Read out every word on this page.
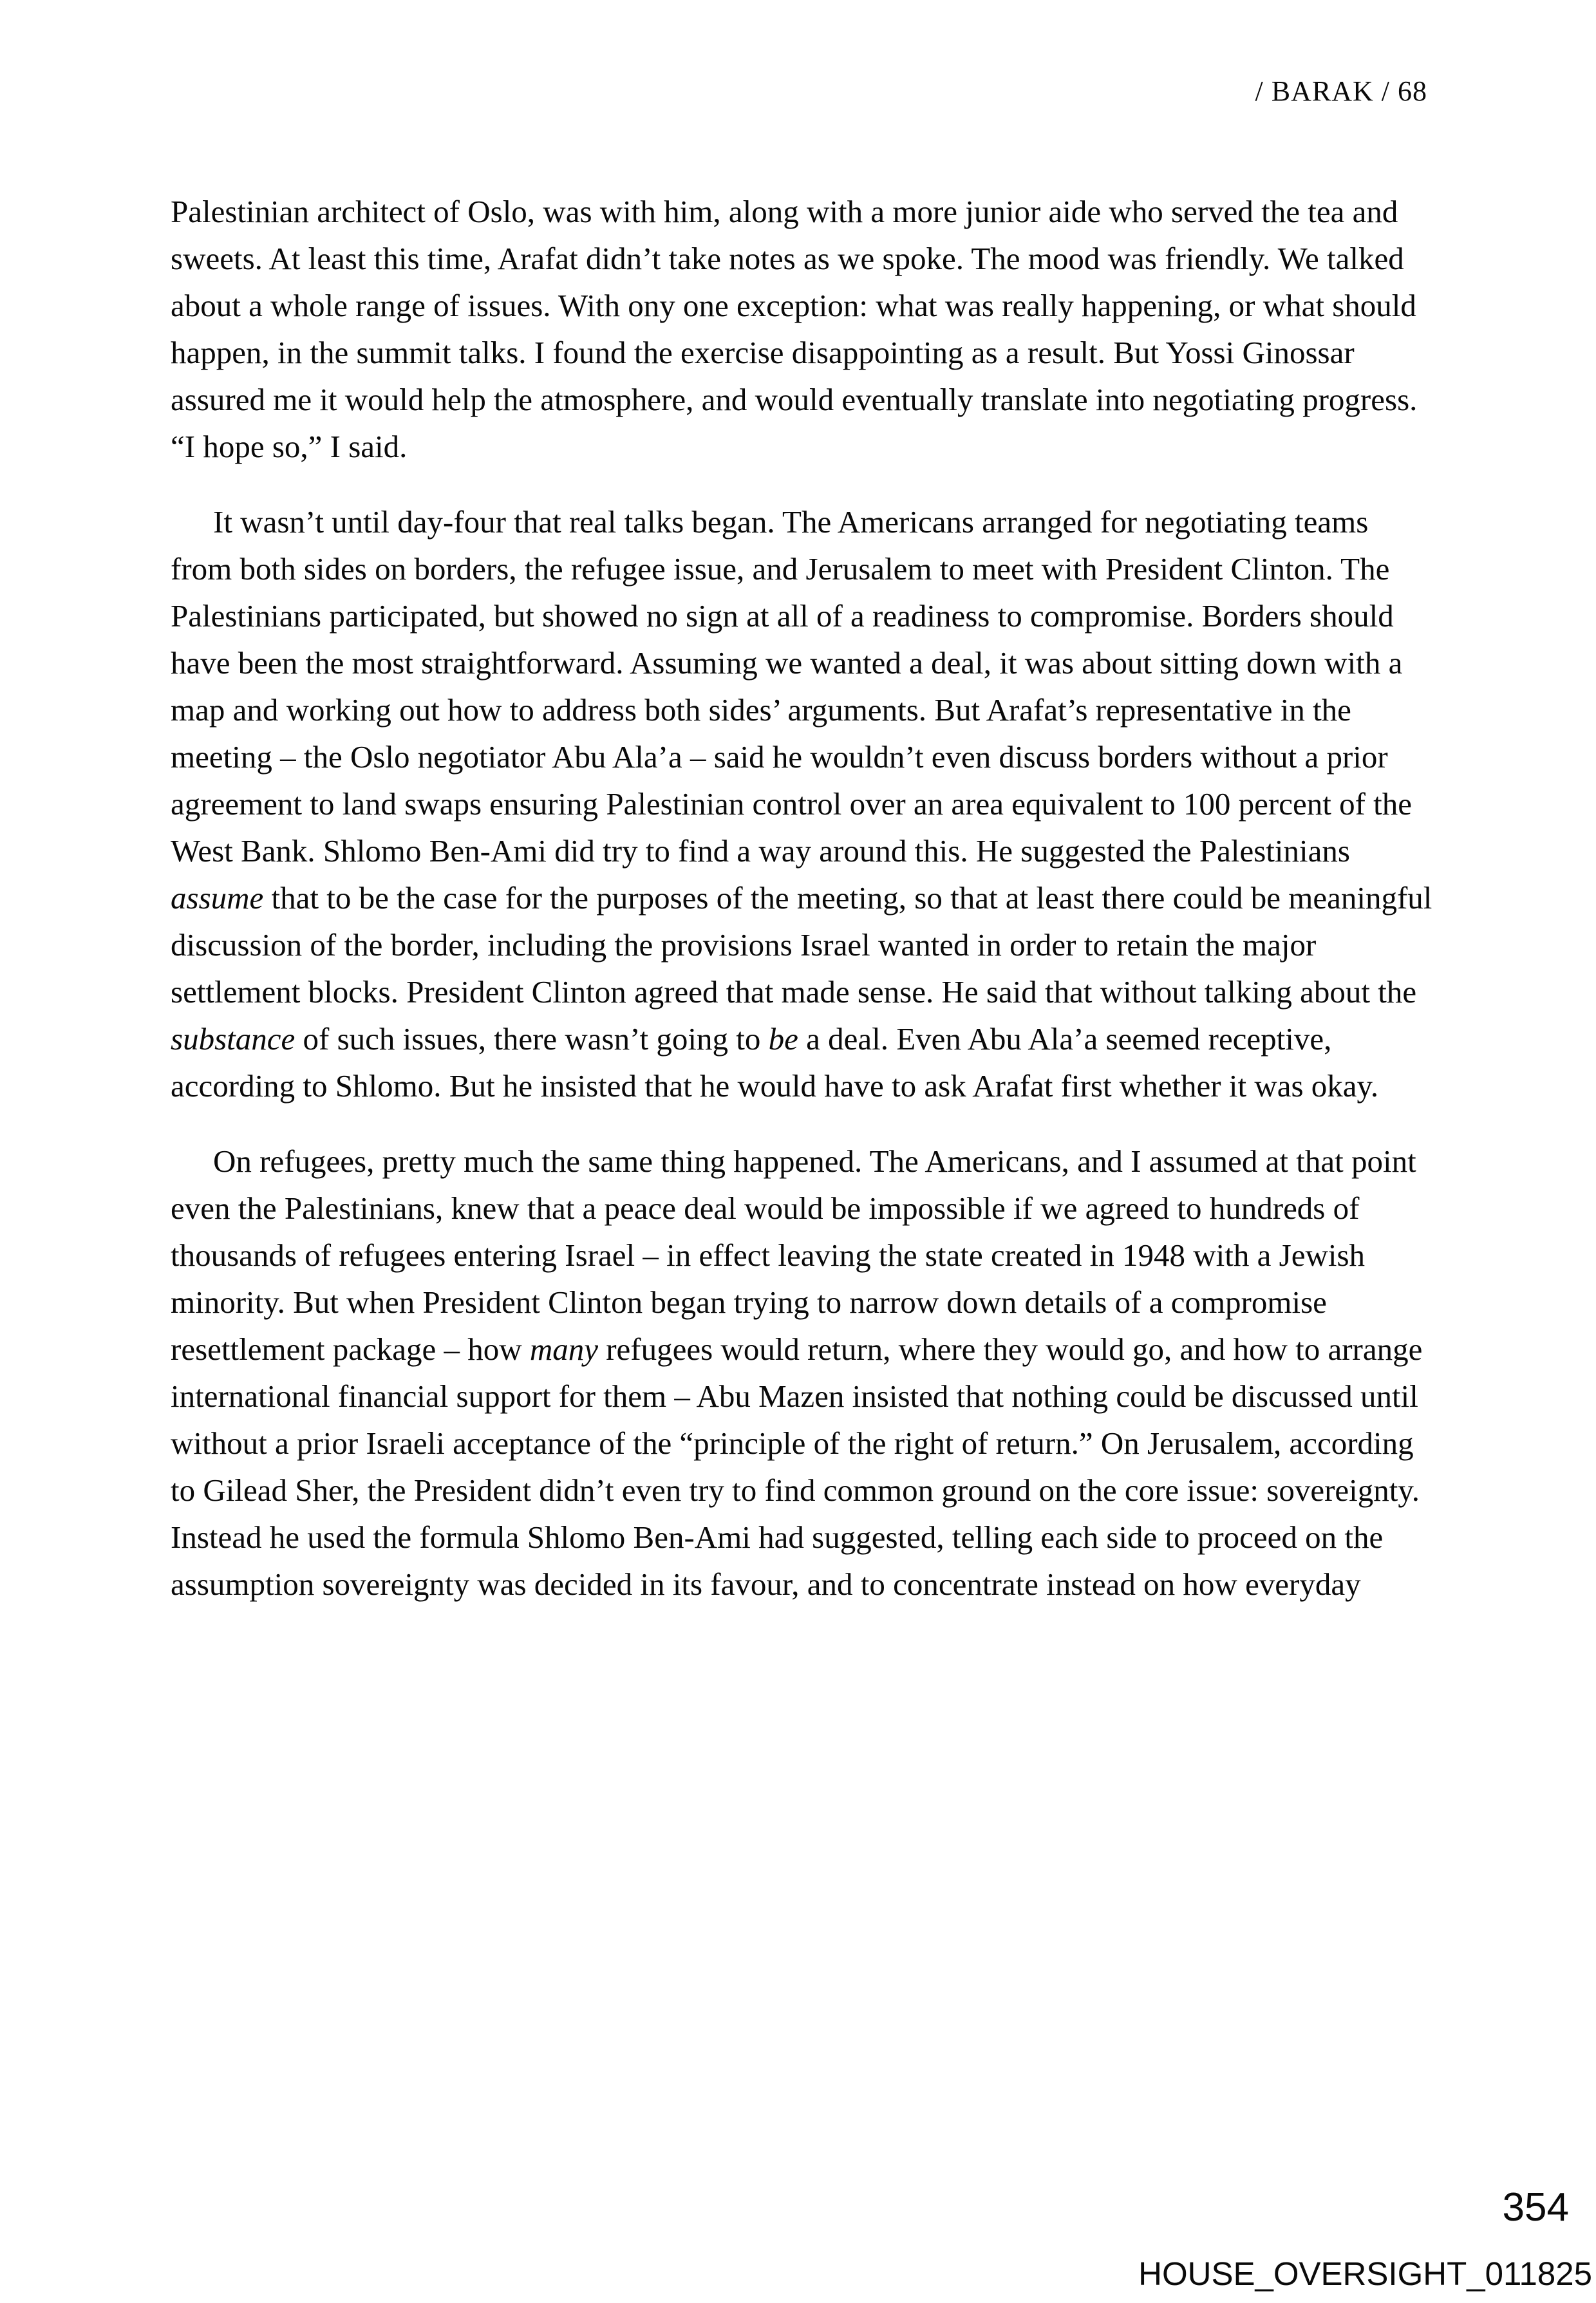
/ BARAK / 68

Palestinian architect of Oslo, was with him, along with a more junior aide who served the tea and sweets. At least this time, Arafat didn’t take notes as we spoke. The mood was friendly. We talked about a whole range of issues. With ony one exception: what was really happening, or what should happen, in the summit talks. I found the exercise disappointing as a result. But Yossi Ginossar assured me it would help the atmosphere, and would eventually translate into negotiating progress. “I hope so,” I said.

It wasn’t until day-four that real talks began. The Americans arranged for negotiating teams from both sides on borders, the refugee issue, and Jerusalem to meet with President Clinton. The Palestinians participated, but showed no sign at all of a readiness to compromise. Borders should have been the most straightforward. Assuming we wanted a deal, it was about sitting down with a map and working out how to address both sides’ arguments. But Arafat’s representative in the meeting – the Oslo negotiator Abu Ala’a – said he wouldn’t even discuss borders without a prior agreement to land swaps ensuring Palestinian control over an area equivalent to 100 percent of the West Bank. Shlomo Ben-Ami did try to find a way around this. He suggested the Palestinians assume that to be the case for the purposes of the meeting, so that at least there could be meaningful discussion of the border, including the provisions Israel wanted in order to retain the major settlement blocks. President Clinton agreed that made sense. He said that without talking about the substance of such issues, there wasn’t going to be a deal. Even Abu Ala’a seemed receptive, according to Shlomo. But he insisted that he would have to ask Arafat first whether it was okay.

On refugees, pretty much the same thing happened. The Americans, and I assumed at that point even the Palestinians, knew that a peace deal would be impossible if we agreed to hundreds of thousands of refugees entering Israel – in effect leaving the state created in 1948 with a Jewish minority. But when President Clinton began trying to narrow down details of a compromise resettlement package – how many refugees would return, where they would go, and how to arrange international financial support for them – Abu Mazen insisted that nothing could be discussed until without a prior Israeli acceptance of the “principle of the right of return.” On Jerusalem, according to Gilead Sher, the President didn’t even try to find common ground on the core issue: sovereignty. Instead he used the formula Shlomo Ben-Ami had suggested, telling each side to proceed on the assumption sovereignty was decided in its favour, and to concentrate instead on how everyday

354
HOUSE_OVERSIGHT_011825
